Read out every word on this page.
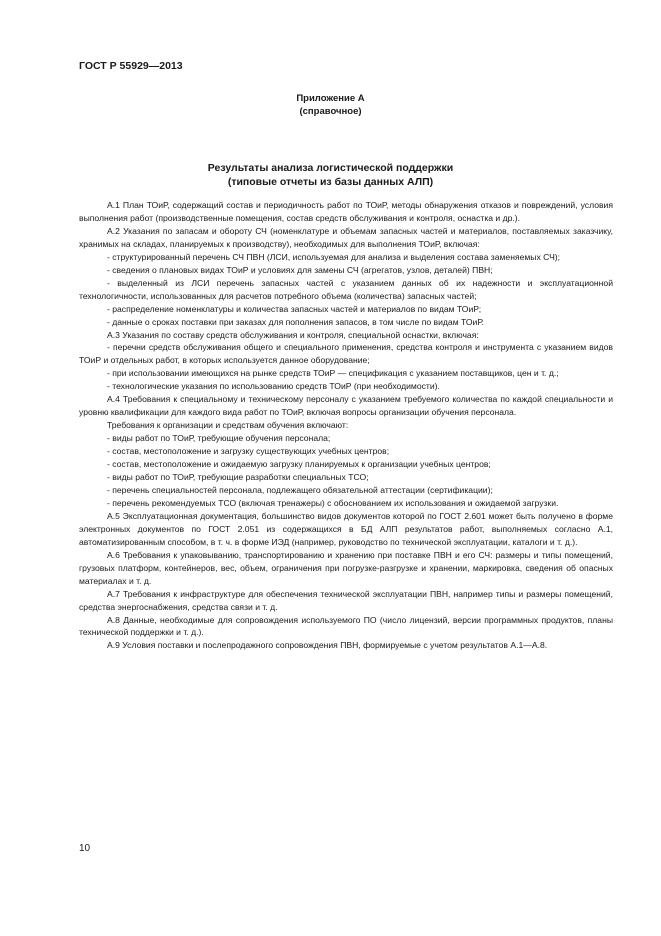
ГОСТ Р 55929—2013
Приложение А
(справочное)
Результаты анализа логистической поддержки
(типовые отчеты из базы данных АЛП)

А.1 План ТОиР, содержащий состав и периодичность работ по ТОиР, методы обнаружения отказов и повреждений, условия выполнения работ (производственные помещения, состав средств обслуживания и контроля, оснастка и др.).

А.2 Указания по запасам и обороту СЧ (номенклатуре и объемам запасных частей и материалов, поставляемых заказчику, хранимых на складах, планируемых к производству), необходимых для выполнения ТОиР, включая:

- структурированный перечень СЧ ПВН (ЛСИ, используемая для анализа и выделения состава заменяемых СЧ);

- сведения о плановых видах ТОиР и условиях для замены СЧ (агрегатов, узлов, деталей) ПВН;

- выделенный из ЛСИ перечень запасных частей с указанием данных об их надежности и эксплуатационной технологичности, использованных для расчетов потребного объема (количества) запасных частей;

- распределение номенклатуры и количества запасных частей и материалов по видам ТОиР;

- данные о сроках поставки при заказах для пополнения запасов, в том числе по видам ТОиР.

А.3 Указания по составу средств обслуживания и контроля, специальной оснастки, включая:

- перечни средств обслуживания общего и специального применения, средства контроля и инструмента с указанием видов ТОиР и отдельных работ, в которых используется данное оборудование;

- при использовании имеющихся на рынке средств ТОиР — спецификация с указанием поставщиков, цен и т. д.;

- технологические указания по использованию средств ТОиР (при необходимости).

А.4 Требования к специальному и техническому персоналу с указанием требуемого количества по каждой специальности и уровню квалификации для каждого вида работ по ТОиР, включая вопросы организации обучения персонала.

Требования к организации и средствам обучения включают:

- виды работ по ТОиР, требующие обучения персонала;

- состав, местоположение и загрузку существующих учебных центров;

- состав, местоположение и ожидаемую загрузку планируемых к организации учебных центров;

- виды работ по ТОиР, требующие разработки специальных ТСО;

- перечень специальностей персонала, подлежащего обязательной аттестации (сертификации);

- перечень рекомендуемых ТСО (включая тренажеры) с обоснованием их использования и ожидаемой загрузки.

А.5 Эксплуатационная документация, большинство видов документов которой по ГОСТ 2.601 может быть получено в форме электронных документов по ГОСТ 2.051 из содержащихся в БД АЛП результатов работ, выполняемых согласно А.1, автоматизированным способом, в т. ч. в форме ИЭД (например, руководство по технической эксплуатации, каталоги и т. д.).

А.6 Требования к упаковыванию, транспортированию и хранению при поставке ПВН и его СЧ: размеры и типы помещений, грузовых платформ, контейнеров, вес, объем, ограничения при погрузке-разгрузке и хранении, маркировка, сведения об опасных материалах и т. д.

А.7 Требования к инфраструктуре для обеспечения технической эксплуатации ПВН, например типы и размеры помещений, средства энергоснабжения, средства связи и т. д.

А.8 Данные, необходимые для сопровождения используемого ПО (число лицензий, версии программных продуктов, планы технической поддержки и т. д.).

А.9 Условия поставки и послепродажного сопровождения ПВН, формируемые с учетом результатов А.1—А.8.

10
